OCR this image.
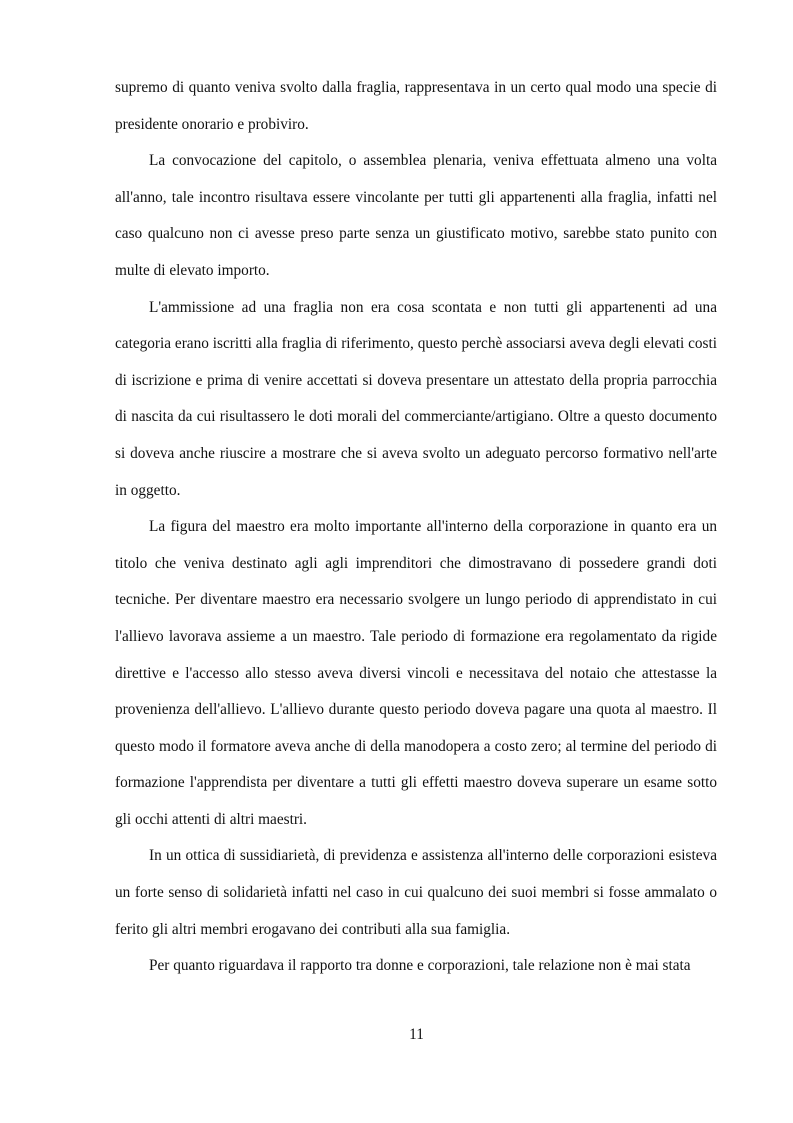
supremo di quanto veniva svolto dalla fraglia, rappresentava in un certo qual modo una specie di presidente onorario e probiviro.

La convocazione del capitolo, o assemblea plenaria, veniva effettuata almeno una volta all'anno, tale incontro risultava essere vincolante per tutti gli appartenenti alla fraglia, infatti nel caso qualcuno non ci avesse preso parte senza un giustificato motivo, sarebbe stato punito con multe di elevato importo.

L'ammissione ad una fraglia non era cosa scontata e non tutti gli appartenenti ad una categoria erano iscritti alla fraglia di riferimento, questo perchè associarsi aveva degli elevati costi di iscrizione e prima di venire accettati si doveva presentare un attestato della propria parrocchia di nascita da cui risultassero le doti morali del commerciante/artigiano. Oltre a questo documento si doveva anche riuscire a mostrare che si aveva svolto un adeguato percorso formativo nell'arte in oggetto.

La figura del maestro era molto importante all'interno della corporazione in quanto era un titolo che veniva destinato agli agli imprenditori che dimostravano di possedere grandi doti tecniche. Per diventare maestro era necessario svolgere un lungo periodo di apprendistato in cui l'allievo lavorava assieme a un maestro. Tale periodo di formazione era regolamentato da rigide direttive e l'accesso allo stesso aveva diversi vincoli e necessitava del notaio che attestasse la provenienza dell'allievo. L'allievo durante questo periodo doveva pagare una quota al maestro. Il questo modo il formatore aveva anche di della manodopera a costo zero; al termine del periodo di formazione l'apprendista per diventare a tutti gli effetti maestro doveva superare un esame sotto gli occhi attenti di altri maestri.

In un ottica di sussidiarietà, di previdenza e assistenza all'interno delle corporazioni esisteva un forte senso di solidarietà infatti nel caso in cui qualcuno dei suoi membri si fosse ammalato o ferito gli altri membri erogavano dei contributi alla sua famiglia.

Per quanto riguardava il rapporto tra donne e corporazioni, tale relazione non è mai stata

11
